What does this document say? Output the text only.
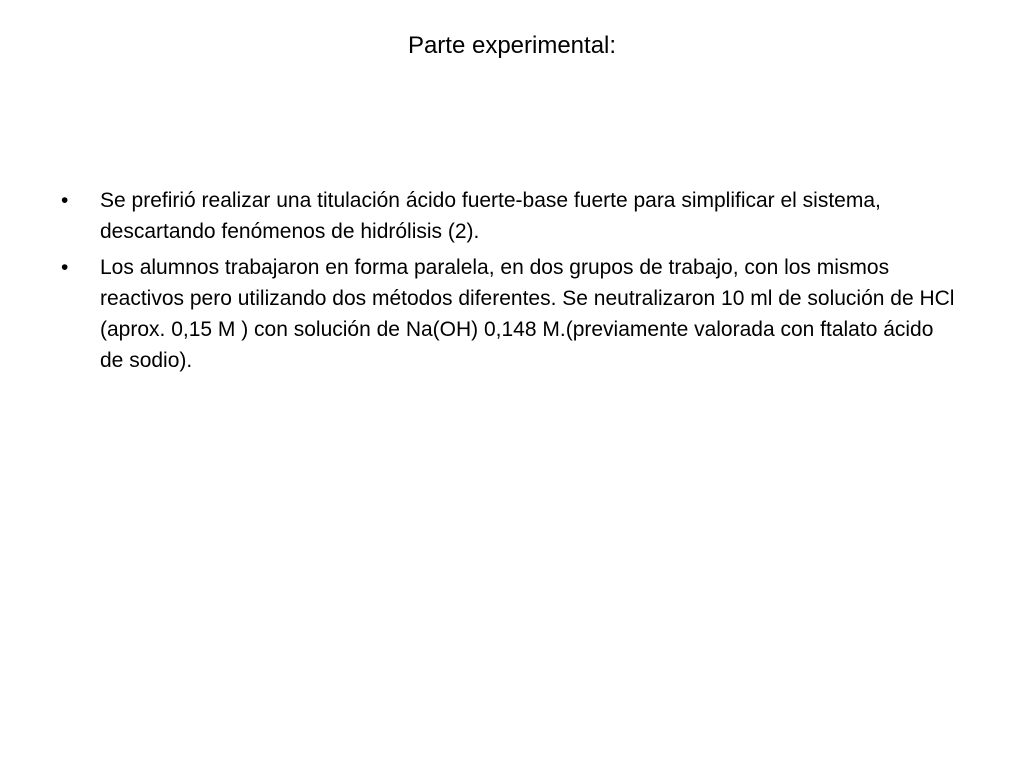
Parte experimental:
•	Se prefirió realizar una titulación ácido fuerte-base fuerte para simplificar el sistema, descartando fenómenos de hidrólisis (2).
•	Los alumnos trabajaron en forma paralela, en dos grupos de trabajo, con los mismos reactivos pero utilizando dos métodos diferentes. Se neutralizaron 10 ml de solución de HCl (aprox. 0,15 M ) con solución de Na(OH) 0,148 M.(previamente valorada con ftalato ácido de sodio).
